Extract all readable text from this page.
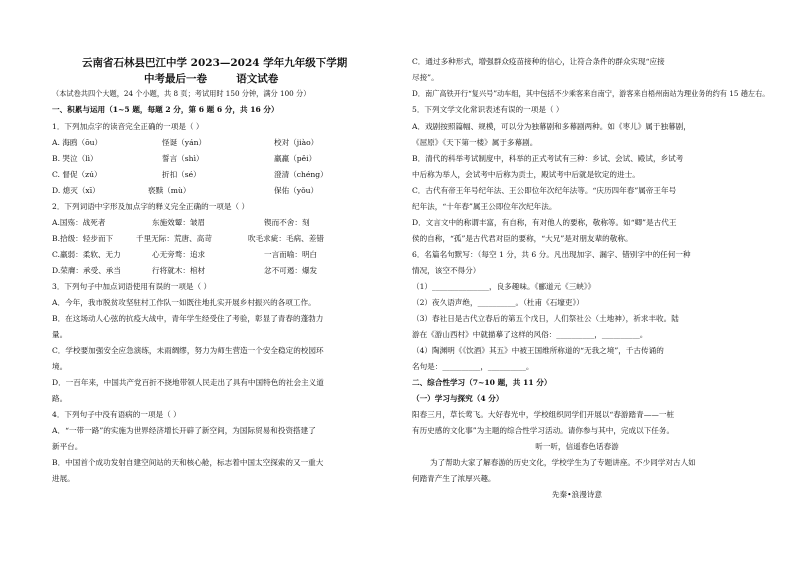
云南省石林县巴江中学 2023—2024 学年九年级下学期
中考最后一卷        语文试卷
（本试卷共四个大题，24 个小题，共 8 页；考试用时 150 分钟，满分 100 分）
一、积累与运用（1~5 题，每题 2 分，第 6 题 6 分，共 16 分）
1．下列加点字的读音完全正确的一项是（ ）
A. 海鸥（ōu）	怪诞（yán）	校对（jiào）
B. 哭泣（lì）	誓言（shì）	羸羸（pěi）
C. 督促（zú）	折扣（sé）	澄清（chéng）
D. 熄灭（xī）	亵黩（mù）	保佑（yǒu）
2．下列词语中字形及加点字的释义完全正确的一项是（ ）
A.国殇：战死者	东施效颦：皱眉	锲而不舍：刻
B.拾级：轻步而下	千里无际：荒唐、高苛	吹毛求疵：毛病、差错
C.羸弱：柔软、无力	心无旁骛：追求	一言而喻：明白
D.荣膺：承受、承当	行将就木：棺材	忿不可遏：爆发
3．下列句子中加点词语使用有误的一项是（ ）
A．今年，我市脱贫攻坚驻村工作队一如既往地扎实开展乡村振兴的各项工作。
B．在这场动人心弦的抗疫大战中，青年学生经受住了考验，彰显了青春的蓬勃力
量。
C．学校要加强安全应急演练，未雨绸缪，努力为师生营造一个安全稳定的校园环
境。
D．一百年来，中国共产党百折不挠地带领人民走出了具有中国特色的社会主义道
路。
4．下列句子中没有语病的一项是（ ）
A．“一带一路”的实施为世界经济增长开辟了新空间，为国际贸易和投资搭建了
新平台。
B．中国首个成功发射自建空间站的天和核心舱，标志着中国太空探索的又一重大
进展。
C．通过多种形式，增强群众疫苗接种的信心，让符合条件的群众实现“应接
尽接”。
D．南广高铁开行“复兴号”动车组，其中包括不少乘客来自南宁，游客来自梧州南站为理业务的约有 15 趟左右。
5．下列文学文化常识表述有误的一项是（ ）
A．戏剧按照篇幅、规模，可以分为独幕剧和多幕剧两种。如《枣儿》属于独幕剧，
《屈原》《天下第一楼》属于多幕剧。
B．清代的科举考试制度中，科举的正式考试有三种：乡试、会试、殿试，乡试考
中后称为举人，会试考中后称为贡士，殿试考中后就是钦定的进士。
C．古代有帝王年号纪年法、王公即位年次纪年法等。“庆历四年春”属帝王年号
纪年法，“十年春”属王公即位年次纪年法。
D．文言文中的称谓丰富，有自称，有对他人的要称，敬称等。如“卿”是古代王
侯的自称，“孤”是古代君对臣的要称，“大兄”是对朋友辈的敬称。
6．名篇名句默写：（每空 1 分，共 6 分。凡出现加字、漏字、错别字中的任何一种
情况，该空不得分）
（1）_______________，良多趣味。《郦道元《三峡》》
（2）夜久语声绝，__________。（杜甫《石壕吏》）
（3）春社日是古代立春后的第五个戊日，人们祭社公（土地神），祈求丰收。陆
游在《游山西村》中就描摹了这样的风俗：__________，__________。
（4）陶渊明《《饮酒》其五》中被王国维所称道的“无我之境”，千古传诵的
名句是：__________，__________。
二、综合性学习（7~10 题，共 11 分）
（一）学习与探究（4 分）
阳春三月，草长莺飞。大好春光中，学校组织同学们开展以“春游踏青——一桩
有历史感的文化事”为主题的综合性学习活动。请你参与其中，完成以下任务。
听一听，信遥春色话春游
为了帮助大家了解春游的历史文化，学校学生为了专题讲座。不少同学对古人如
何踏青产生了浓厚兴趣。
先秦•浪漫诗意
